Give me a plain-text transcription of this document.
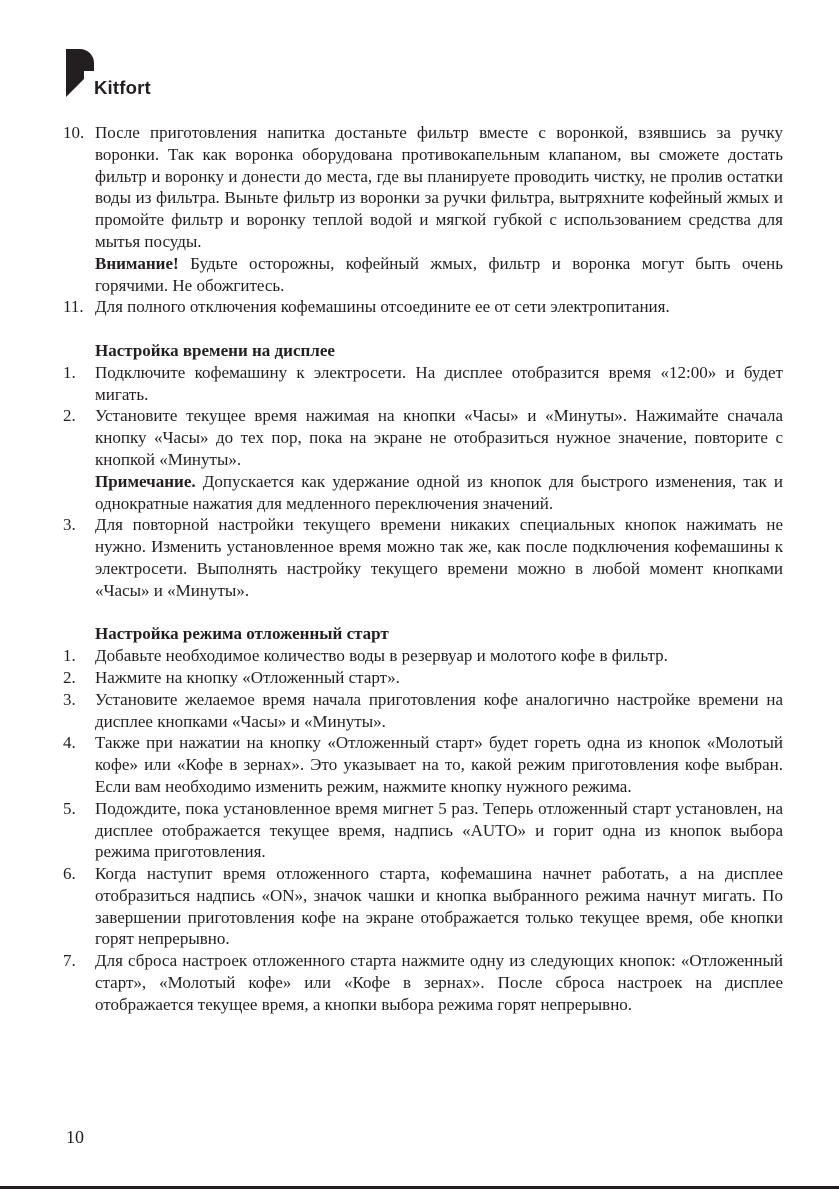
Kitfort
10. После приготовления напитка достаньте фильтр вместе с воронкой, взявшись за ручку воронки. Так как воронка оборудована противокапельным клапаном, вы сможете достать фильтр и воронку и донести до места, где вы планируете проводить чистку, не пролив остатки воды из фильтра. Выньте фильтр из воронки за ручки фильтра, вытряхните кофейный жмых и промойте фильтр и воронку теплой водой и мягкой губкой с использованием средства для мытья посуды.
Внимание! Будьте осторожны, кофейный жмых, фильтр и воронка могут быть очень горячими. Не обожгитесь.
11. Для полного отключения кофемашины отсоедините ее от сети электропитания.
Настройка времени на дисплее
1.	Подключите кофемашину к электросети. На дисплее отобразится время «12:00» и будет мигать.
2.	Установите текущее время нажимая на кнопки «Часы» и «Минуты». Нажимайте сначала кнопку «Часы» до тех пор, пока на экране не отобразиться нужное значение, повторите с кнопкой «Минуты».
Примечание. Допускается как удержание одной из кнопок для быстрого изменения, так и однократные нажатия для медленного переключения значений.
3.	Для повторной настройки текущего времени никаких специальных кнопок нажимать не нужно. Изменить установленное время можно так же, как после подключения кофемашины к электросети. Выполнять настройку текущего времени можно в любой момент кнопками «Часы» и «Минуты».
Настройка режима отложенный старт
1.	Добавьте необходимое количество воды в резервуар и молотого кофе в фильтр.
2.	Нажмите на кнопку «Отложенный старт».
3.	Установите желаемое время начала приготовления кофе аналогично настройке времени на дисплее кнопками «Часы» и «Минуты».
4.	Также при нажатии на кнопку «Отложенный старт» будет гореть одна из кнопок «Молотый кофе» или «Кофе в зернах». Это указывает на то, какой режим приготовления кофе выбран. Если вам необходимо изменить режим, нажмите кнопку нужного режима.
5.	Подождите, пока установленное время мигнет 5 раз. Теперь отложенный старт установлен, на дисплее отображается текущее время, надпись «AUTO» и горит одна из кнопок выбора режима приготовления.
6.	Когда наступит время отложенного старта, кофемашина начнет работать, а на дисплее отобразиться надпись «ON», значок чашки и кнопка выбранного режима начнут мигать. По завершении приготовления кофе на экране отображается только текущее время, обе кнопки горят непрерывно.
7.	Для сброса настроек отложенного старта нажмите одну из следующих кнопок: «Отложенный старт», «Молотый кофе» или «Кофе в зернах». После сброса настроек на дисплее отображается текущее время, а кнопки выбора режима горят непрерывно.
10
